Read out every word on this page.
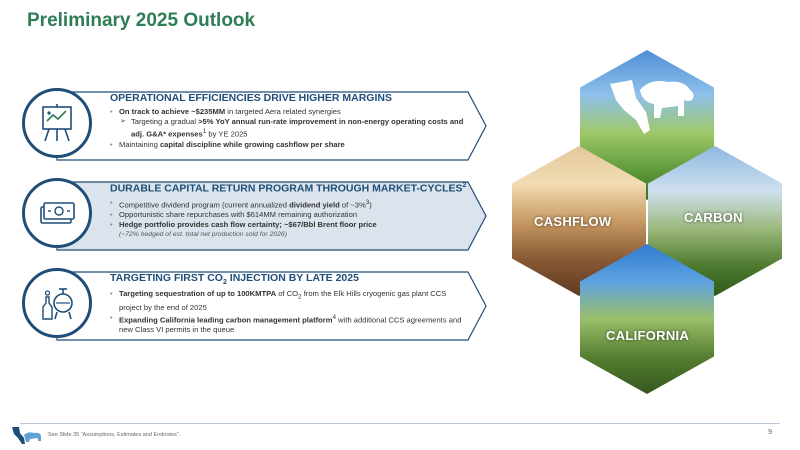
Preliminary 2025 Outlook
OPERATIONAL EFFICIENCIES DRIVE HIGHER MARGINS
• On track to achieve ~$235MM in targeted Aera related synergies
➢ Targeting a gradual >5% YoY annual run-rate improvement in non-energy operating costs and adj. G&A* expenses$^1$ by YE 2025
• Maintaining capital discipline while growing cashflow per share
DURABLE CAPITAL RETURN PROGRAM THROUGH MARKET-CYCLES$^2$
• Competitive dividend program (current annualized dividend yield of ~3%$^3$)
• Opportunistic share repurchases with $614MM remaining authorization
• Hedge portfolio provides cash flow certainty; ~$67/Bbl Brent floor price
(~72% hedged of est. total net production sold for 2026)
TARGETING FIRST $CO_2$ INJECTION BY LATE 2025
• Targeting sequestration of up to 100KMTPA of $CO_2$ from the Elk Hills cryogenic gas plant CCS project by the end of 2025
• Expanding California leading carbon management platform$^4$ with additional CCS agreements and new Class VI permits in the queue
CASHFLOW	CARBON
CALIFORNIA
See Slide 35 “Assumptions, Estimates and Endnotes”.	9
